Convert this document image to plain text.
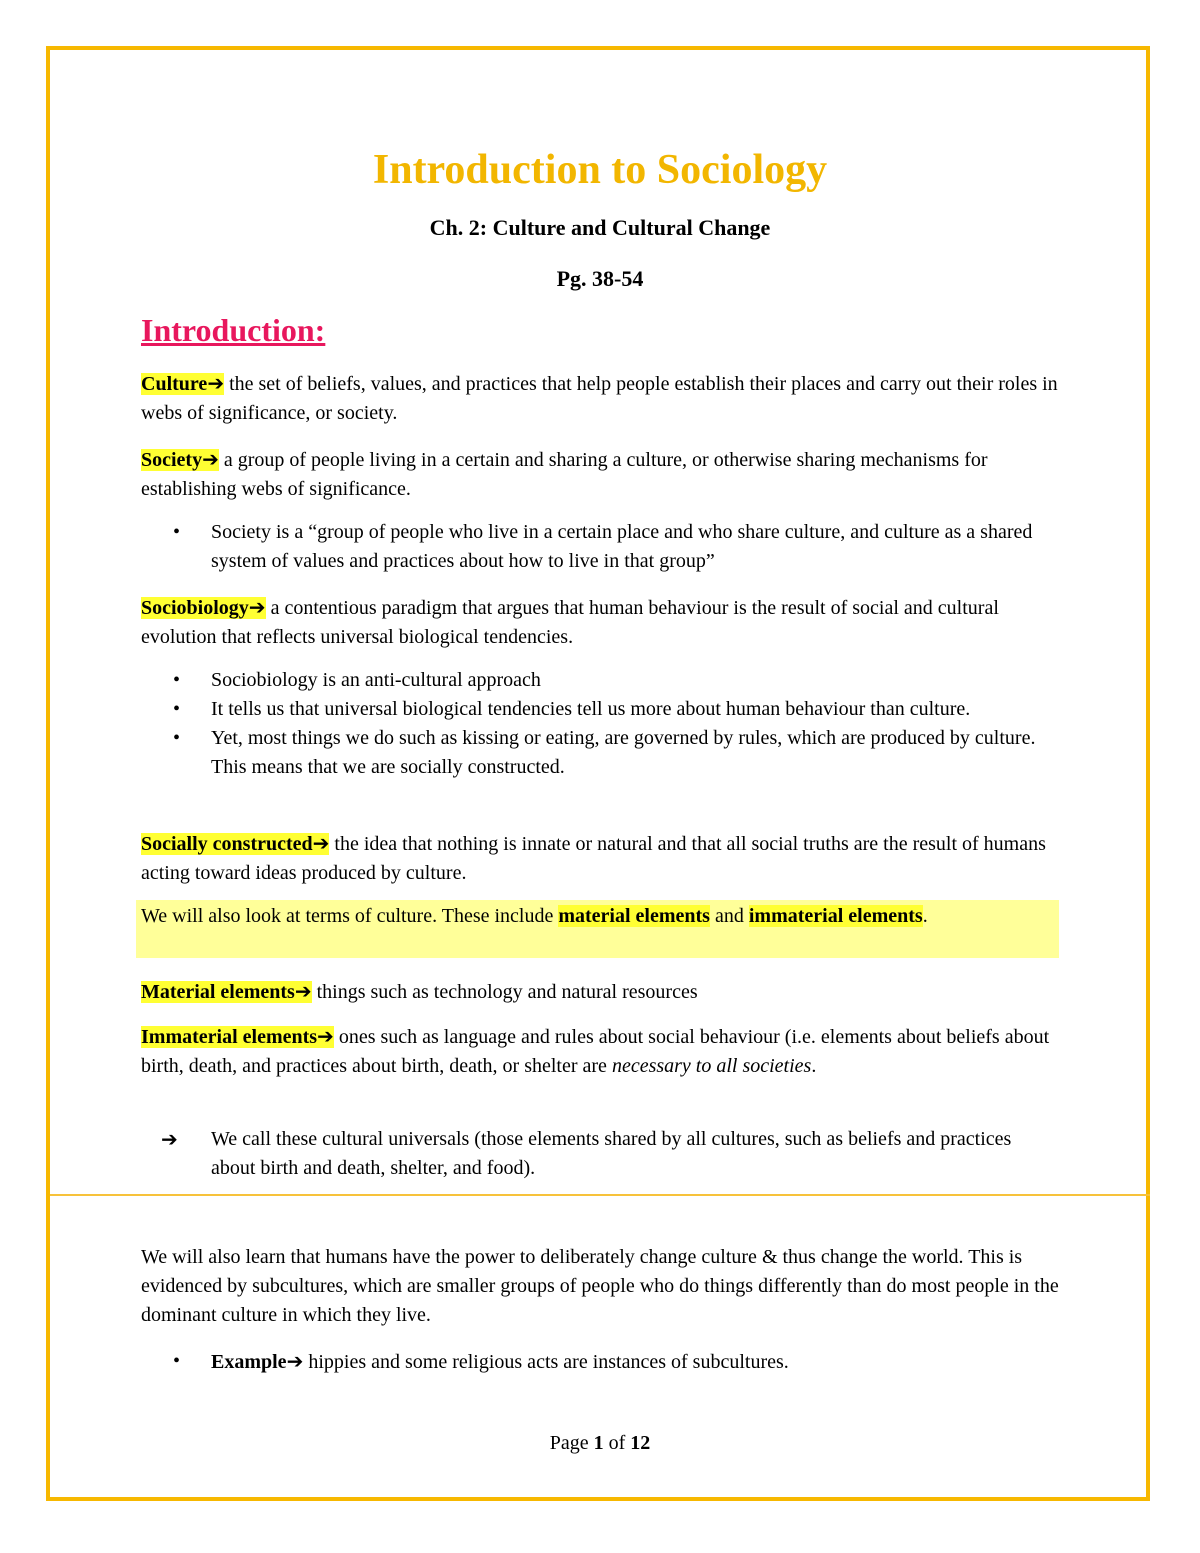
Introduction to Sociology
Ch. 2: Culture and Cultural Change
Pg. 38-54
Introduction:

Culture➔ the set of beliefs, values, and practices that help people establish their places and carry out their roles in webs of significance, or society.

Society➔ a group of people living in a certain and sharing a culture, or otherwise sharing mechanisms for establishing webs of significance.

• Society is a “group of people who live in a certain place and who share culture, and culture as a shared system of values and practices about how to live in that group”

Sociobiology➔ a contentious paradigm that argues that human behaviour is the result of social and cultural evolution that reflects universal biological tendencies.

• Sociobiology is an anti-cultural approach
• It tells us that universal biological tendencies tell us more about human behaviour than culture.
• Yet, most things we do such as kissing or eating, are governed by rules, which are produced by culture. This means that we are socially constructed.

Socially constructed➔ the idea that nothing is innate or natural and that all social truths are the result of humans acting toward ideas produced by culture.

We will also look at terms of culture. These include material elements and immaterial elements.

Material elements➔ things such as technology and natural resources

Immaterial elements➔ ones such as language and rules about social behaviour (i.e. elements about beliefs about birth, death, and practices about birth, death, or shelter are necessary to all societies.

➔ We call these cultural universals (those elements shared by all cultures, such as beliefs and practices about birth and death, shelter, and food).

We will also learn that humans have the power to deliberately change culture & thus change the world. This is evidenced by subcultures, which are smaller groups of people who do things differently than do most people in the dominant culture in which they live.

• Example➔ hippies and some religious acts are instances of subcultures.
Page 1 of 12
